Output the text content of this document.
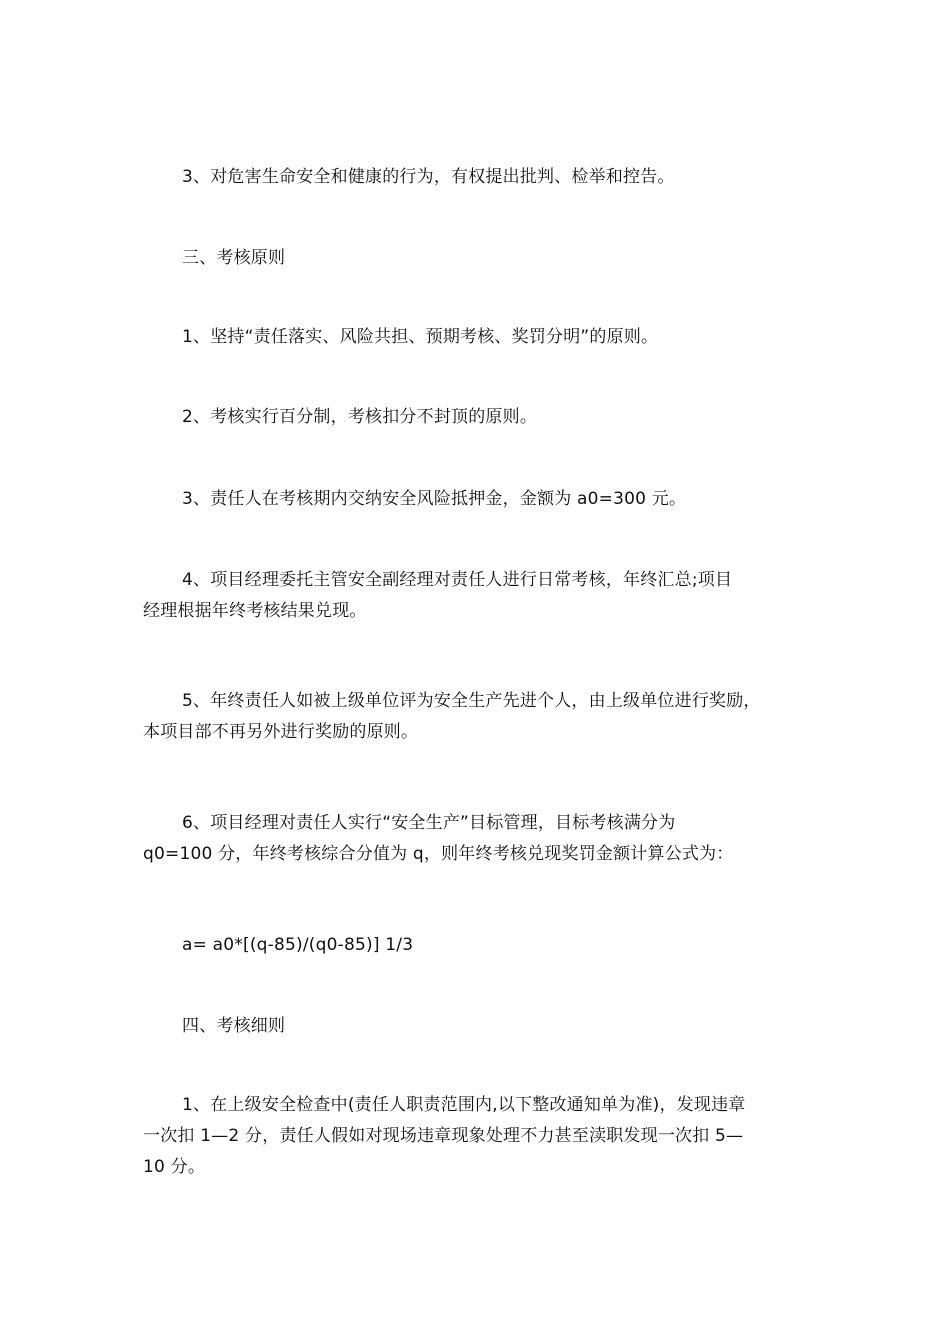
3、对危害生命安全和健康的行为，有权提出批判、检举和控告。
三、考核原则
1、坚持“责任落实、风险共担、预期考核、奖罚分明”的原则。
2、考核实行百分制，考核扣分不封顶的原则。
3、责任人在考核期内交纳安全风险抵押金，金额为 a0=300 元。
4、项目经理委托主管安全副经理对责任人进行日常考核，年终汇总;项目
经理根据年终考核结果兑现。
5、年终责任人如被上级单位评为安全生产先进个人，由上级单位进行奖励，
本项目部不再另外进行奖励的原则。
6、项目经理对责任人实行“安全生产”目标管理，目标考核满分为
q0=100 分，年终考核综合分值为 q，则年终考核兑现奖罚金额计算公式为：
a= a0*[(q-85)/(q0-85)] 1/3
四、考核细则
1、在上级安全检查中(责任人职责范围内,以下整改通知单为准)，发现违章
一次扣 1—2 分，责任人假如对现场违章现象处理不力甚至渎职发现一次扣 5—
10 分。
